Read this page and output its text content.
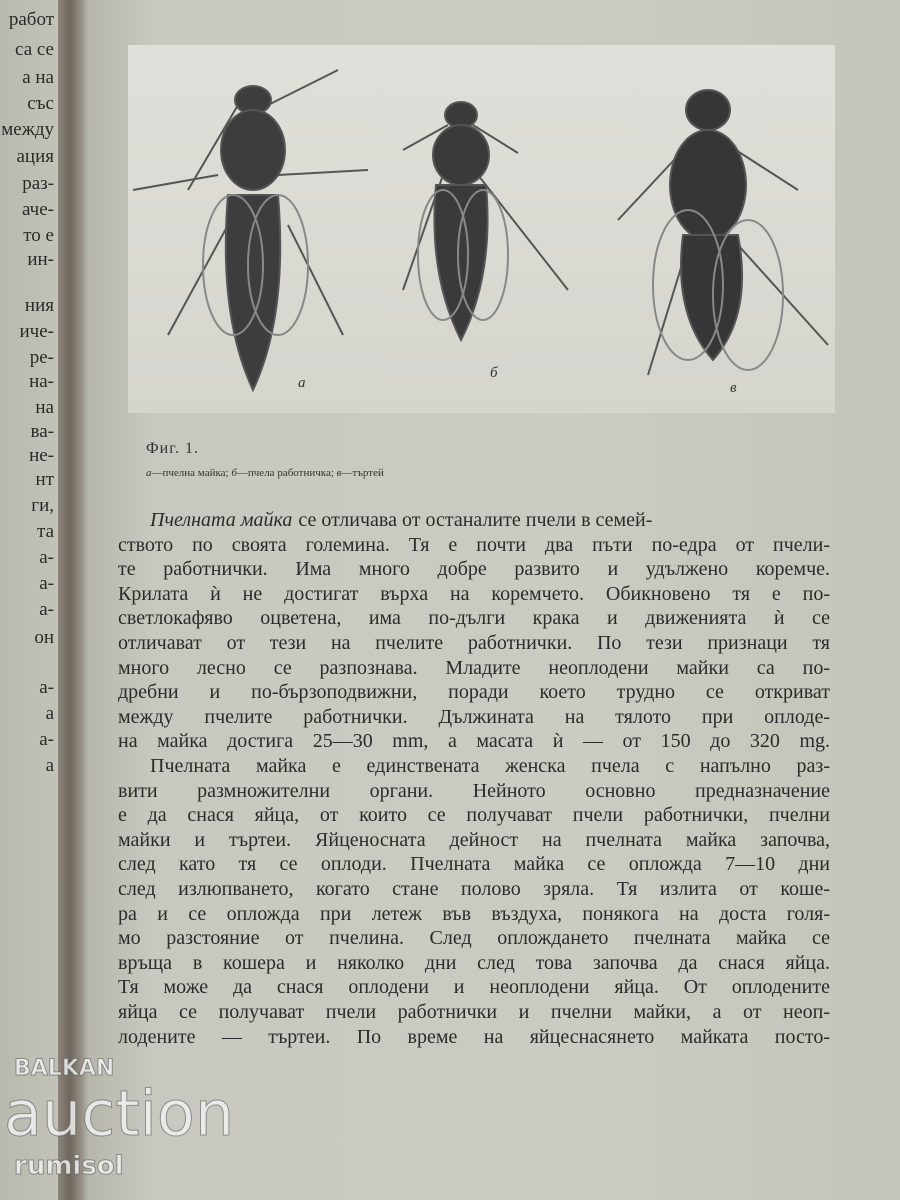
работ
са се
а на
със
между
ация
раз-
аче-
то е
ин-
ния
иче-
ре-
на-
на
ва-
не-
нт
ги,
та
а-
а-
а-
он
а-
а
а-
а
а
б
в
Фиг. 1.
а—пчелна майка; б—пчела работничка; в—търтей
Пчелната майка се отличава от останалите пчели в семей-
ството по своята големина. Тя е почти два пъти по-едра от пчели-
те работнички. Има много добре развито и удължено коремче.
Крилата ѝ не достигат върха на коремчето. Обикновено тя е по-
светлокафяво оцветена, има по-дълги крака и движенията ѝ се
отличават от тези на пчелите работнички. По тези признаци тя
много лесно се разпознава. Младите неоплодени майки са по-
дребни и по-бързоподвижни, поради което трудно се откриват
между пчелите работнички. Дължината на тялото при оплоде-
на майка достига 25—30 mm, а масата ѝ — от 150 до 320 mg.
Пчелната майка е единствената женска пчела с напълно раз-
вити размножителни органи. Нейното основно предназначение
е да снася яйца, от които се получават пчели работнички, пчелни
майки и търтеи. Яйценосната дейност на пчелната майка започва,
след като тя се оплоди. Пчелната майка се опложда 7—10 дни
след излюпването, когато стане полово зряла. Тя излита от коше-
ра и се опложда при летеж във въздуха, понякога на доста голя-
мо разстояние от пчелина. След оплождането пчелната майка се
връща в кошера и няколко дни след това започва да снася яйца.
Тя може да снася оплодени и неоплодени яйца. От оплодените
яйца се получават пчели работнички и пчелни майки, а от неоп-
лодените — търтеи. По време на яйцеснасянето майката посто-
BALKAN
auction
rumisol
